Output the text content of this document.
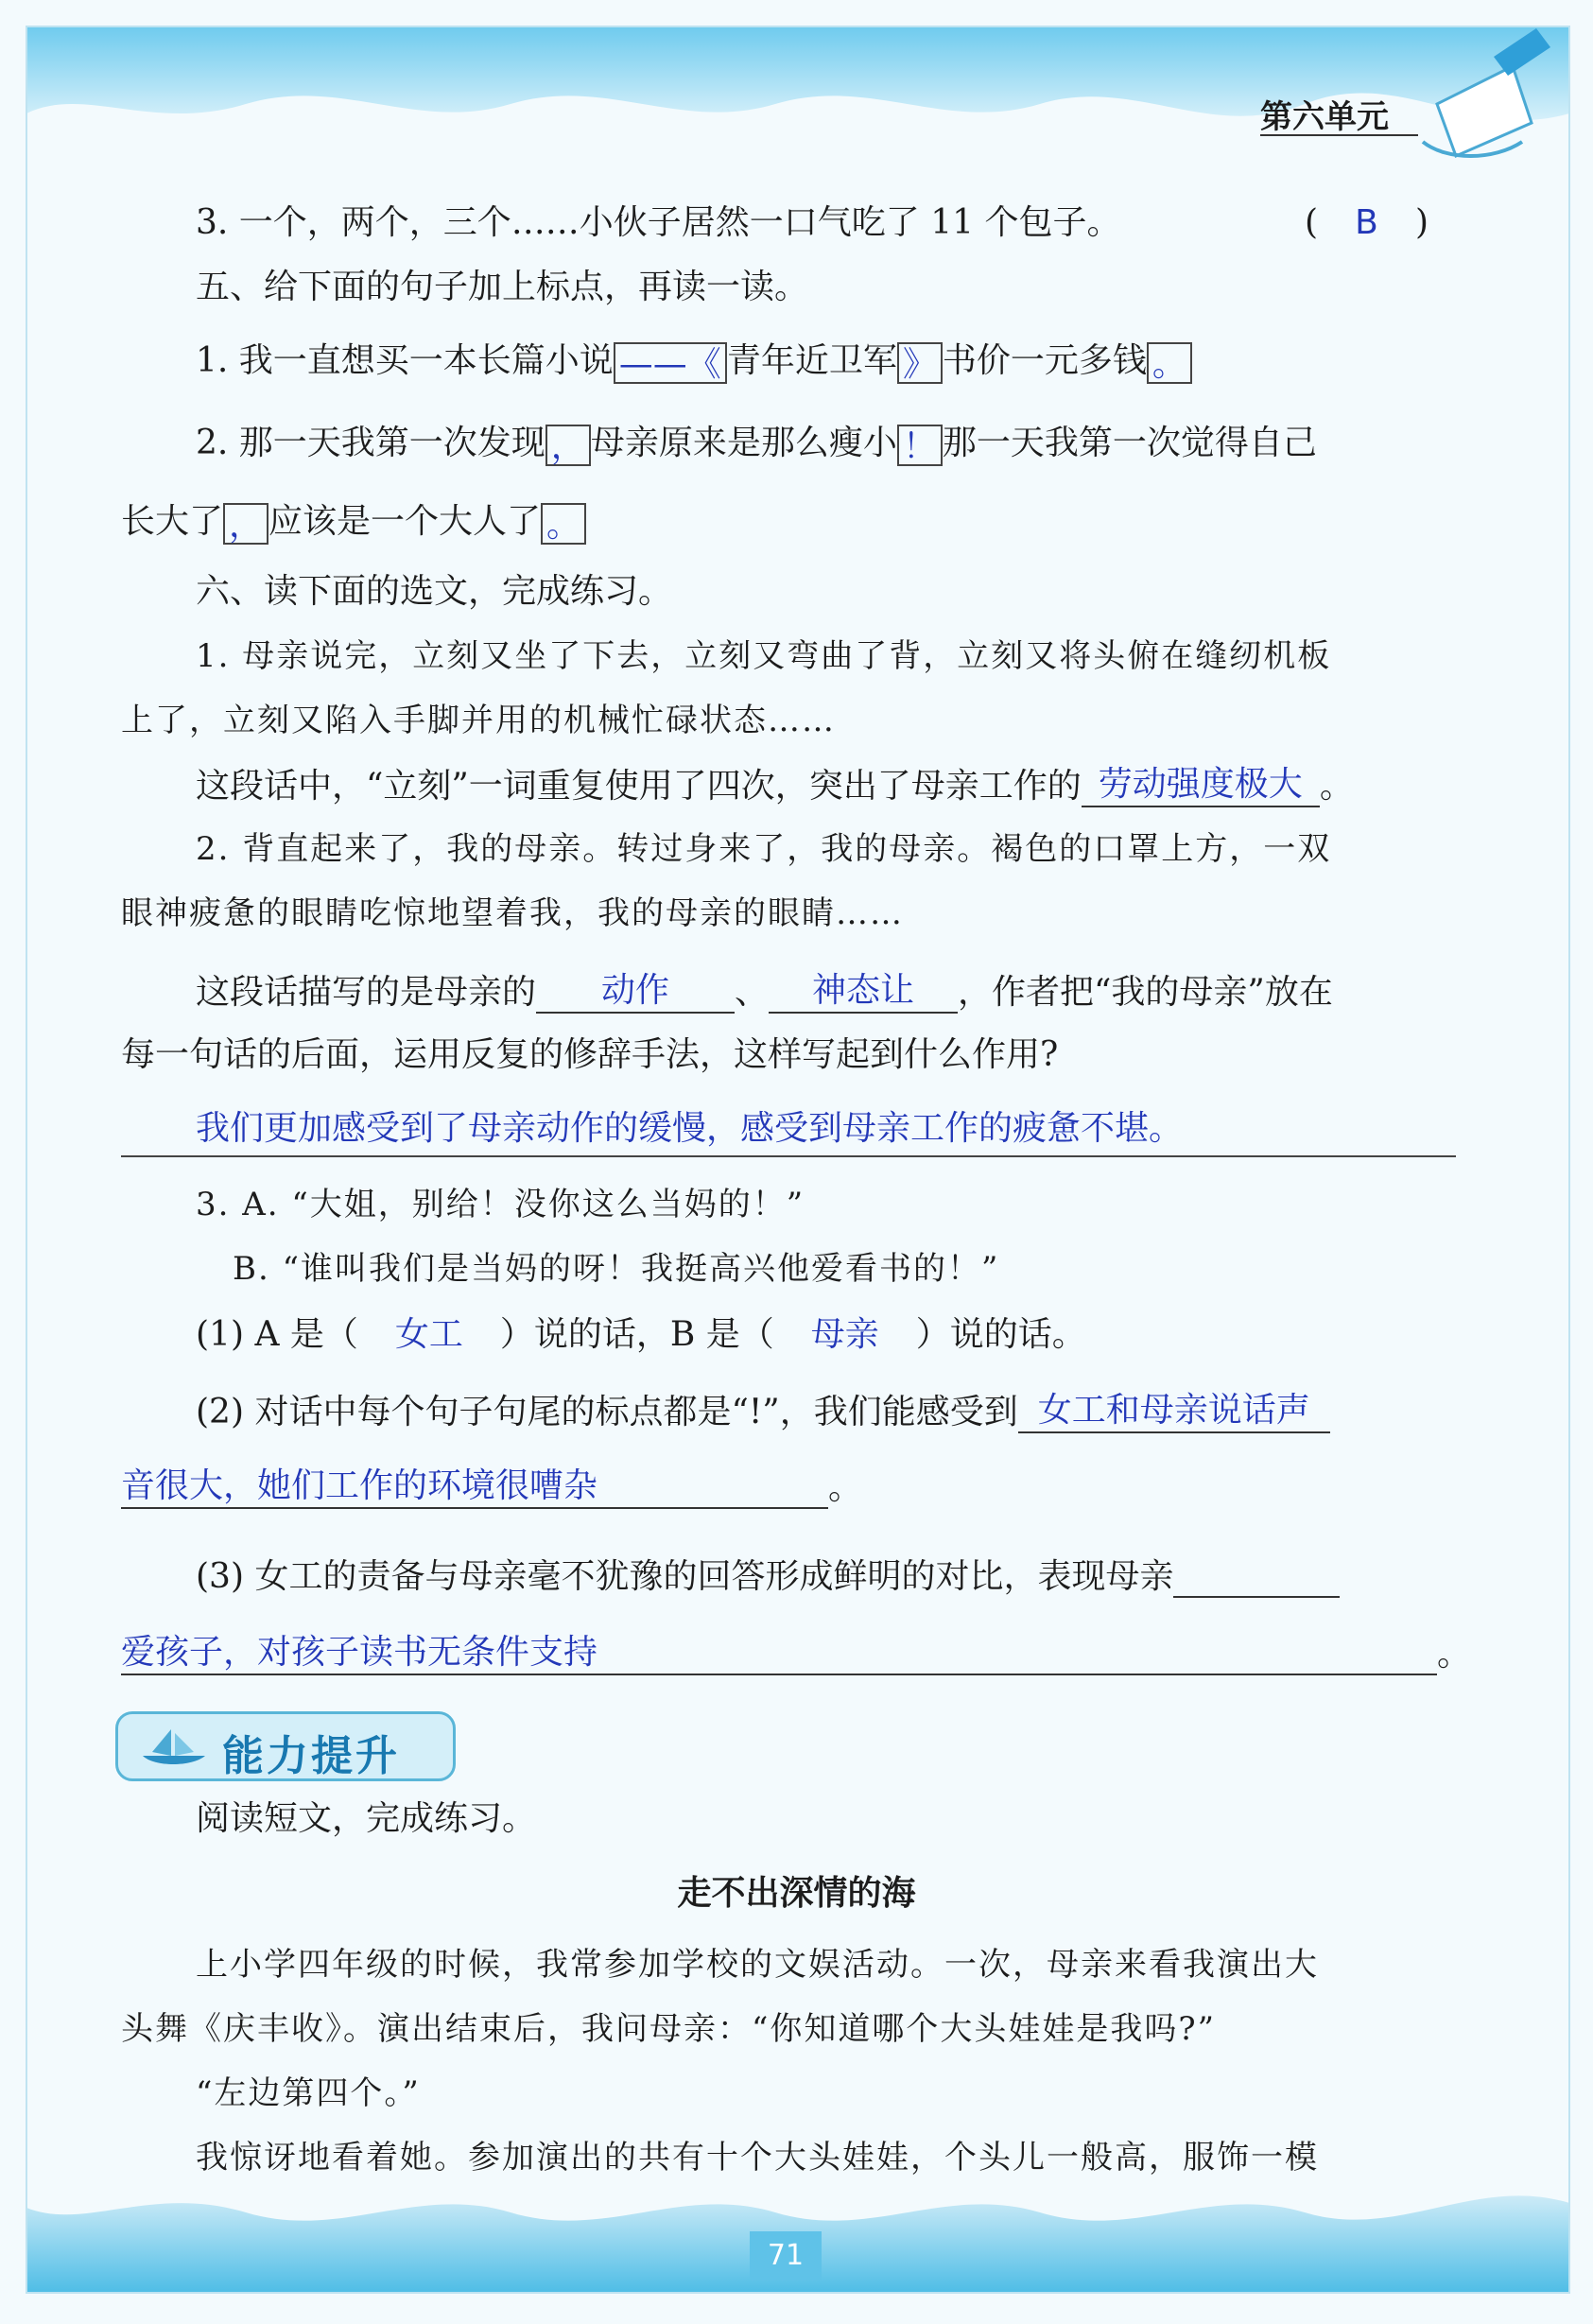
第六单元
3. 一个，两个，三个……小伙子居然一口气吃了 11 个包子。	( B )
五、给下面的句子加上标点，再读一读。
1. 我一直想买一本长篇小说 ——《 青年近卫军 》 书价一元多钱 。
2. 那一天我第一次发现 ， 母亲原来是那么瘦小 ！ 那一天我第一次觉得自己
长大了 ， 应该是一个大人了 。
六、读下面的选文，完成练习。
1. 母亲说完，立刻又坐了下去，立刻又弯曲了背，立刻又将头俯在缝纫机板
上了，立刻又陷入手脚并用的机械忙碌状态……
这段话中，“立刻”一词重复使用了四次，突出了母亲工作的 劳动强度极大 。
2. 背直起来了，我的母亲。转过身来了，我的母亲。褐色的口罩上方，一双
眼神疲惫的眼睛吃惊地望着我，我的母亲的眼睛……
这段话描写的是母亲的 动作 、 神态让 ，作者把“我的母亲”放在
每一句话的后面，运用反复的修辞手法，这样写起到什么作用?
我们更加感受到了母亲动作的缓慢，感受到母亲工作的疲惫不堪。
3. A. “大姐，别给！没你这么当妈的！”
B. “谁叫我们是当妈的呀！我挺高兴他爱看书的！”
(1) A 是（ 女工 ）说的话，B 是（ 母亲 ）说的话。
(2) 对话中每个句子句尾的标点都是“!”，我们能感受到 女工和母亲说话声
音很大，她们工作的环境很嘈杂	。
(3) 女工的责备与母亲毫不犹豫的回答形成鲜明的对比，表现母亲
爱孩子，对孩子读书无条件支持	。
能力提升
阅读短文，完成练习。
走不出深情的海
上小学四年级的时候，我常参加学校的文娱活动。一次，母亲来看我演出大
头舞《庆丰收》。演出结束后，我问母亲：“你知道哪个大头娃娃是我吗?”
“左边第四个。”
我惊讶地看着她。参加演出的共有十个大头娃娃，个头儿一般高，服饰一模
71
